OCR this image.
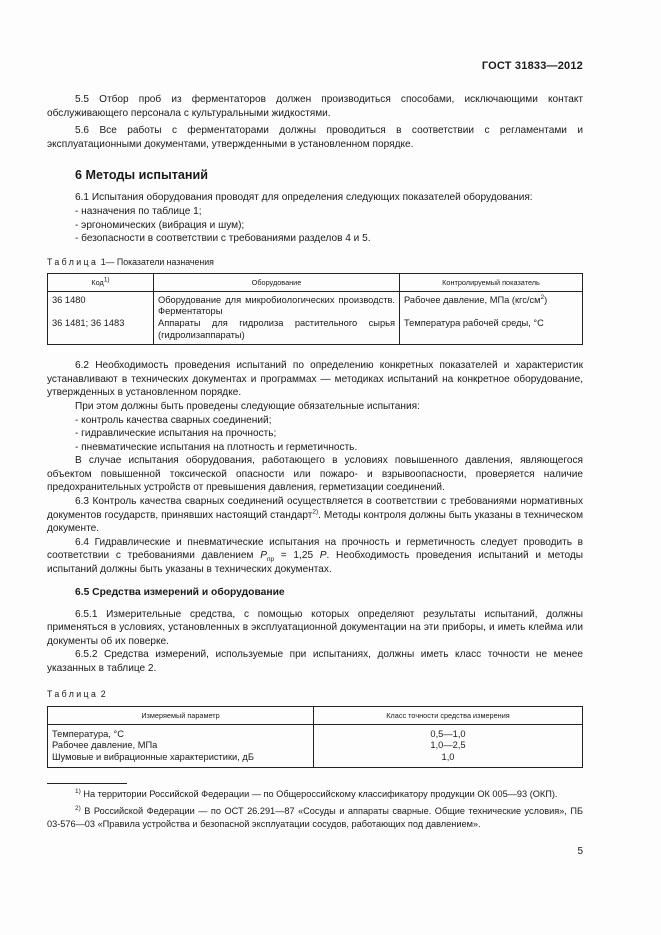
ГОСТ 31833—2012

5.5 Отбор проб из ферментаторов должен производиться способами, исключающими контакт обслуживающего персонала с культуральными жидкостями.

5.6 Все работы с ферментаторами должны проводиться в соответствии с регламентами и эксплуатационными документами, утвержденными в установленном порядке.

6 Методы испытаний

6.1 Испытания оборудования проводят для определения следующих показателей оборудования:

- назначения по таблице 1;

- эргономических (вибрация и шум);

- безопасности в соответствии с требованиями разделов 4 и 5.

Таблица 1— Показатели назначения

Код$^{1)}$	Оборудование	Контролируемый показатель
36 1480	Оборудование для микробиологических производств. Ферментаторы	Рабочее давление, МПа $(кгс/см^2)$
36 1481; 36 1483	Аппараты для гидролиза растительного сырья (гидролизаппараты)	Температура рабочей среды, °С

6.2 Необходимость проведения испытаний по определению конкретных показателей и характеристик устанавливают в технических документах и программах — методиках испытаний на конкретное оборудование, утвержденных в установленном порядке.

При этом должны быть проведены следующие обязательные испытания:

- контроль качества сварных соединений;

- гидравлические испытания на прочность;

- пневматические испытания на плотность и герметичность.

В случае испытания оборудования, работающего в условиях повышенного давления, являющегося объектом повышенной токсической опасности или пожаро- и взрывоопасности, проверяется наличие предохранительных устройств от превышения давления, герметизации соединений.

6.3 Контроль качества сварных соединений осуществляется в соответствии с требованиями нормативных документов государств, принявших настоящий стандарт$^{2)}$. Методы контроля должны быть указаны в техническом документе.

6.4 Гидравлические и пневматические испытания на прочность и герметичность следует проводить в соответствии с требованиями давлением $P_{пр} = 1,25$ P. Необходимость проведения испытаний и методы испытаний должны быть указаны в технических документах.

6.5 Средства измерений и оборудование

6.5.1 Измерительные средства, с помощью которых определяют результаты испытаний, должны применяться в условиях, установленных в эксплуатационной документации на эти приборы, и иметь клейма или документы об их поверке.

6.5.2 Средства измерений, используемые при испытаниях, должны иметь класс точности не менее указанных в таблице 2.

Таблица 2

Измеряемый параметр	Класс точности средства измерения
Температура, °С	0,5—1,0
Рабочее давление, МПа	1,0—2,5
Шумовые и вибрационные характеристики, дБ	1,0

$^{1)}$ На территории Российской Федерации — по Общероссийскому классификатору продукции ОК 005—93 (ОКП).

$^{2)}$ В Российской Федерации — по ОСТ 26.291—87 «Сосуды и аппараты сварные. Общие технические условия», ПБ 03-576—03 «Правила устройства и безопасной эксплуатации сосудов, работающих под давлением».

5
